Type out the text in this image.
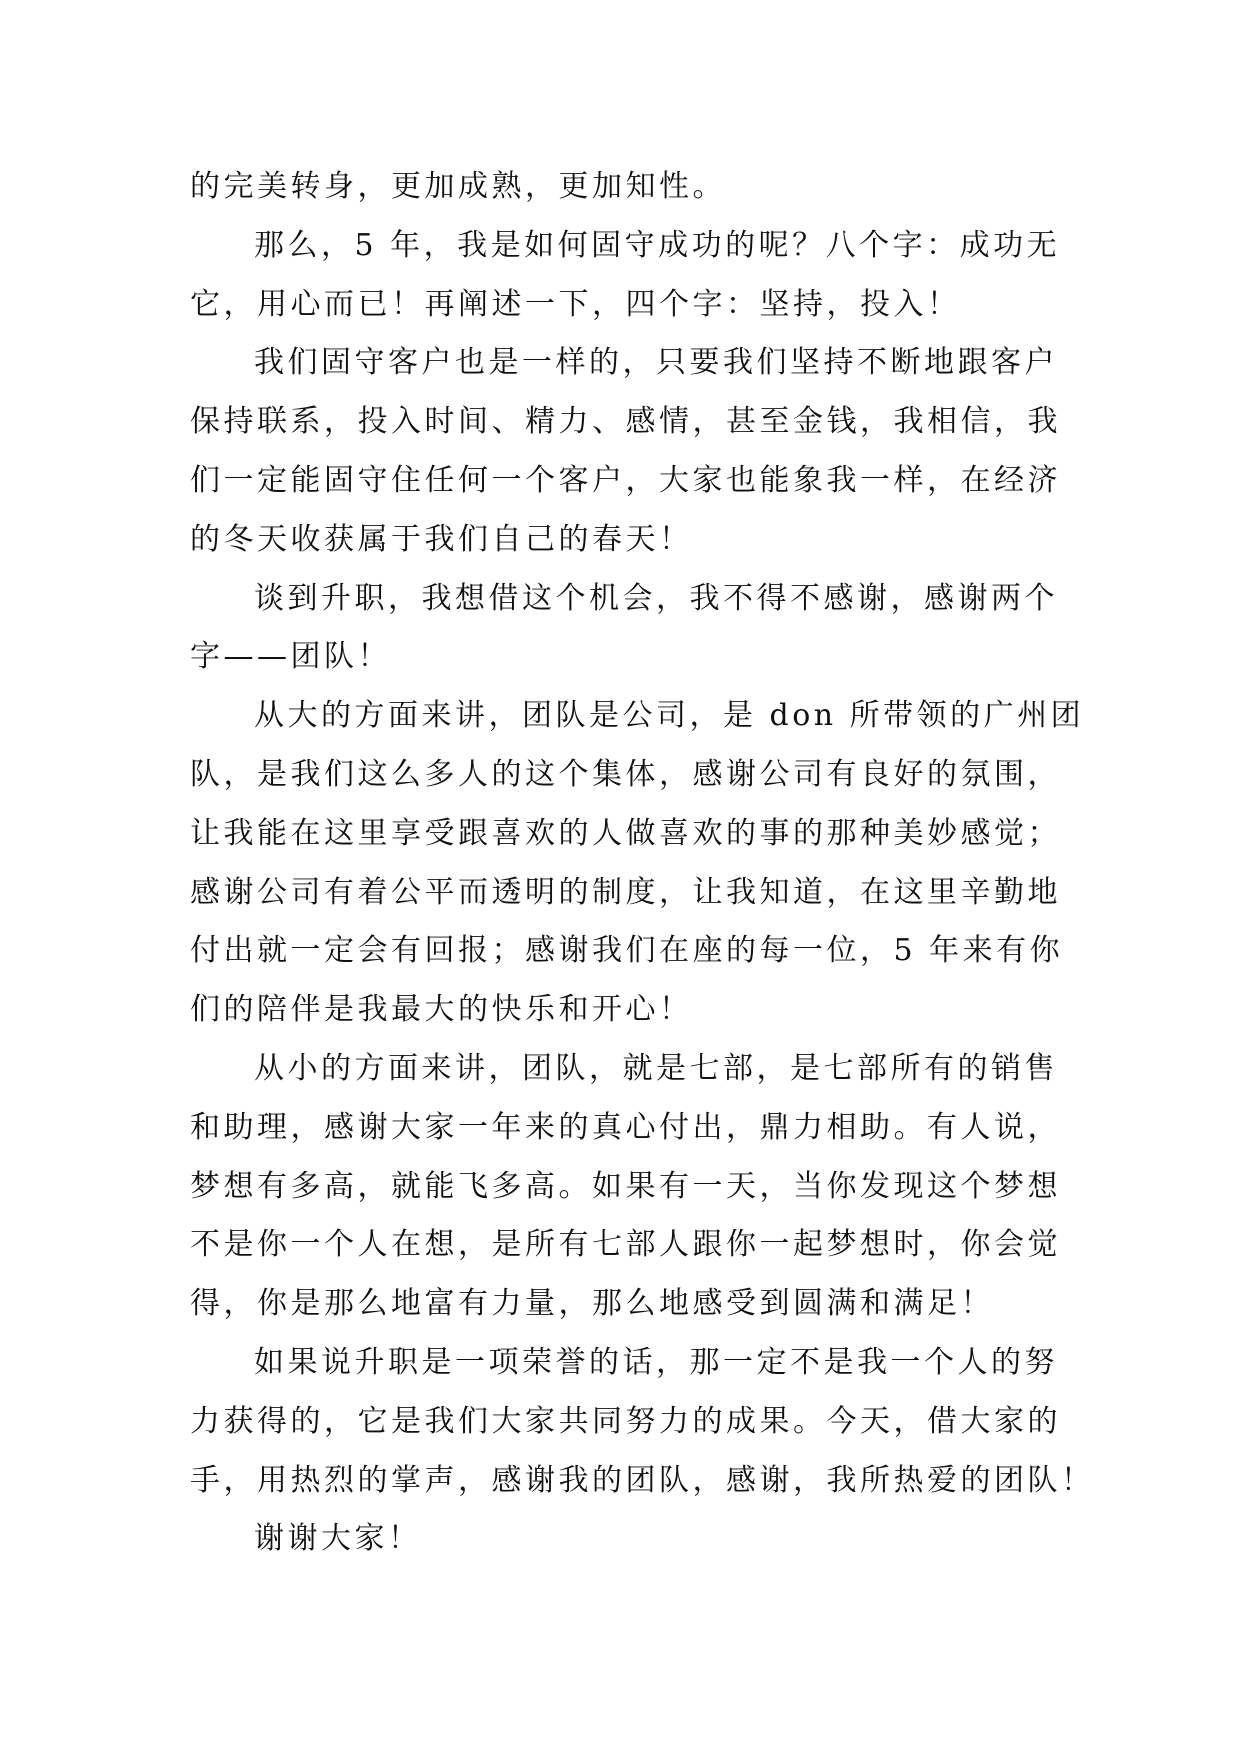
的完美转身，更加成熟，更加知性。

那么，5 年，我是如何固守成功的呢？八个字：成功无

它，用心而已！再阐述一下，四个字：坚持，投入！

我们固守客户也是一样的，只要我们坚持不断地跟客户

保持联系，投入时间、精力、感情，甚至金钱，我相信，我

们一定能固守住任何一个客户，大家也能象我一样，在经济

的冬天收获属于我们自己的春天！

谈到升职，我想借这个机会，我不得不感谢，感谢两个

字——团队！

从大的方面来讲，团队是公司，是 don 所带领的广州团

队，是我们这么多人的这个集体，感谢公司有良好的氛围，

让我能在这里享受跟喜欢的人做喜欢的事的那种美妙感觉；

感谢公司有着公平而透明的制度，让我知道，在这里辛勤地

付出就一定会有回报；感谢我们在座的每一位，5 年来有你

们的陪伴是我最大的快乐和开心！

从小的方面来讲，团队，就是七部，是七部所有的销售

和助理，感谢大家一年来的真心付出，鼎力相助。有人说，

梦想有多高，就能飞多高。如果有一天，当你发现这个梦想

不是你一个人在想，是所有七部人跟你一起梦想时，你会觉

得，你是那么地富有力量，那么地感受到圆满和满足！

如果说升职是一项荣誉的话，那一定不是我一个人的努

力获得的，它是我们大家共同努力的成果。今天，借大家的

手，用热烈的掌声，感谢我的团队，感谢，我所热爱的团队！

谢谢大家！
